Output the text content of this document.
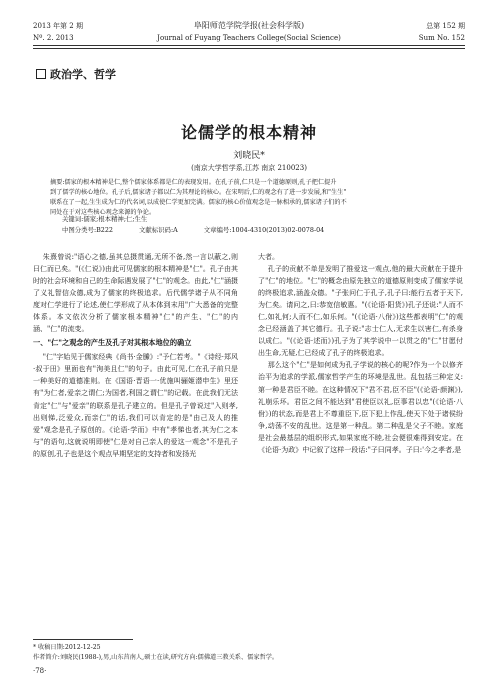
2013 年第 2 期
Nº. 2. 2013
阜阳师范学院学报(社会科学版)
Journal of Fuyang Teachers College(Social Science)
总第 152 期
Sum No. 152
政治学、哲学
论儒学的根本精神
刘晓民*
(南京大学哲学系,江苏 南京 210023)
摘要:儒家的根本精神是仁,整个儒家体系都是仁的表现发用。在孔子前,仁只是一个道德原则,孔子把仁提升
到了儒学的核心地位。孔子后,儒家诸子都以仁为其理论的核心。在宋明后,仁的观念有了进一步发展,和"生生"
联系在了一起,生生成为仁的代名词,以成使仁学更加完满。儒家的核心价值观念是一脉相承的,儒家诸子们的不
同处在于对这些核心观念来源的争论。
关键词:儒家;根本精神;仁;生生
中图分类号:B222	文献标识码:A	文章编号:1004-4310(2013)02-0078-04

朱熹曾说:"语心之德,虽其总摄贯通,无所不备,然一言以蔽之,则曰仁而已矣。"(《仁说》)由此可见儒家的根本精神是"仁"。孔子由其时的社会环境和自己的生命际遇发展了"仁"的观念。由此,"仁"涵摄了义礼智信众德,成为了儒家的终极追求。后代儒学诸子从不同角度对仁学进行了论述,使仁学形成了从本体到末用"广大悉备的完整体系。本文依次分析了儒家根本精神"仁"的产生、"仁"的内涵、"仁"的流变。

一、"仁"之观念的产生及孔子对其根本地位的确立

"仁"字始见于儒家经典《尚书·金縢》:"予仁若考。"《诗经·郑风·叔于田》里面也有"洵美且仁"的句子。由此可见,仁在孔子前只是一种美好的道德准则。在《国语·晋语一·优施叫骊姬潜申生》里还有"为仁者,爱亲之谓仁;为国者,利国之谓仁"的记载。在此我们无法肯定"仁"与"爱亲"的联系是孔子建立的。但是孔子曾说过"入则孝,出则悌,泛爱众,而亲仁"的话,我们可以肯定的是"由己及人的推爱"观念是孔子原创的。《论语·学而》中有"孝悌也者,其为仁之本与"的语句,这就说明即使"仁是对自己亲人的爱这一观念"不是孔子的原创,孔子也是这个观点早期坚定的支持者和发扬光

大者。

孔子的贡献不单是发明了推爱这一观点,他的最大贡献在于提升了"仁"的地位。"仁"的概念由原先独立的道德原则变成了儒家学说的终极追求,涵盖众德。"子张问仁于孔子,孔子曰:能行五者于天下,为仁矣。请问之,曰:恭宽信敏惠。"(《论语·阳货》)孔子还说:"人而不仁,如礼何;人而不仁,如乐何。"(《论语·八佾》)这些都表明"仁"的观念已经涵盖了其它德行。孔子说:"志士仁人,无求生以害仁,有杀身以成仁。"(《论语·述而》)孔子为了其学说中一以贯之的"仁"甘愿付出生命,无疑,仁已经成了孔子的终极追求。

那么这个"仁"是如何成为孔子学说的核心的呢?作为一个以修齐治平为追求的学派,儒家哲学产生的环境是乱世。乱包括三种定义:第一种是君臣不睦。在这种情况下"君不君,臣不臣"(《论语·颜渊》),礼崩乐坏。君臣之间不能达到"君使臣以礼,臣事君以忠"(《论语·八佾》)的状态,而是君上不尊重臣下,臣下犯上作乱,使天下处于诸侯纷争,动荡不安的乱世。这是第一种乱。第二种乱是父子不睦。家庭是社会最基层的组织形式,如果家庭不睦,社会便很难得到安定。在《论语·为政》中记叙了这样一段话:"子曰同孝。子曰:'今之孝者,是

* 收稿日期:2012-12-25
作者简介:刘晓民(1988-),男,山东莒南人,硕士在读,研究方向:儒佛道三教关系、儒家哲学。
·78·
